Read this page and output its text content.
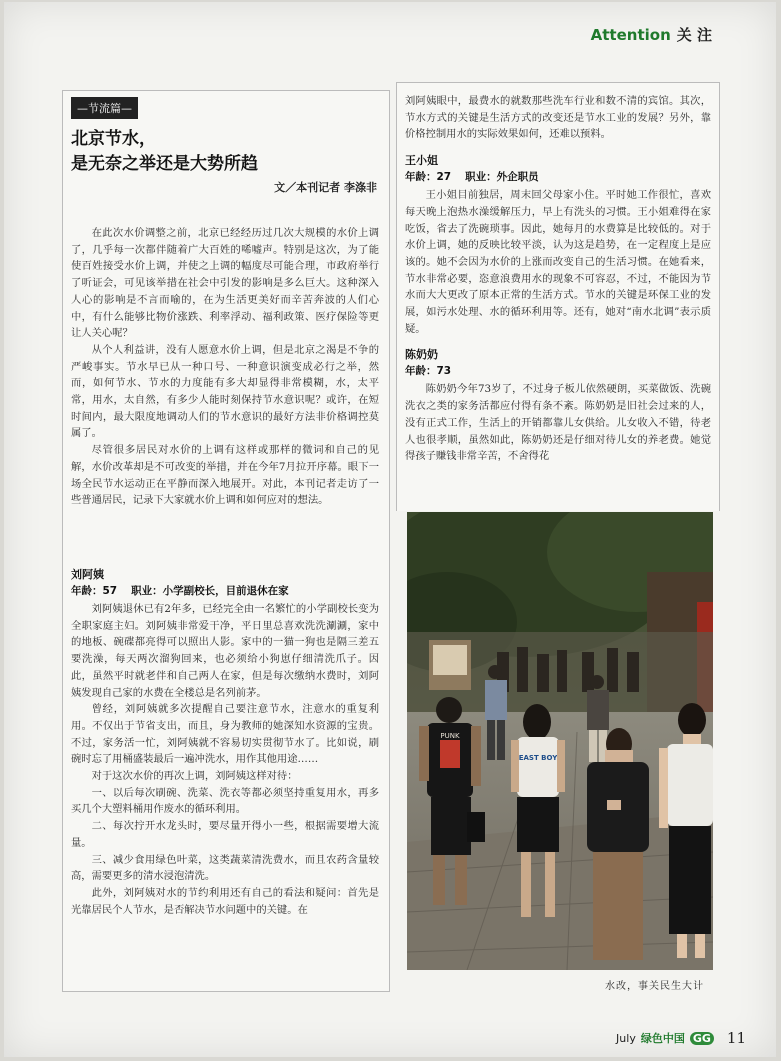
Attention 关 注
—节流篇—
北京节水，
是无奈之举还是大势所趋
文／本刊记者 李涤非

在此次水价调整之前，北京已经经历过几次大规模的水价上调了，几乎每一次都伴随着广大百姓的唏嘘声。特别是这次，为了能使百姓接受水价上调，并使之上调的幅度尽可能合理，市政府举行了听证会，可见该举措在社会中引发的影响是多么巨大。这种深入人心的影响是不言而喻的，在为生活更美好而辛苦奔波的人们心中，有什么能够比物价涨跌、利率浮动、福利政策、医疗保险等更让人关心呢？

从个人利益讲，没有人愿意水价上调，但是北京之渴是不争的严峻事实。节水早已从一种口号、一种意识演变成必行之举，然而，如何节水、节水的力度能有多大却显得非常模糊，水，太平常，用水，太自然，有多少人能时刻保持节水意识呢？或许，在短时间内，最大限度地调动人们的节水意识的最好方法非价格调控莫属了。

尽管很多居民对水价的上调有这样或那样的微词和自己的见解，水价改革却是不可改变的举措，并在今年7月拉开序幕。眼下一场全民节水运动正在平静而深入地展开。对此，本刊记者走访了一些普通居民，记录下大家就水价上调和如何应对的想法。

刘阿姨

年龄：57 职业：小学副校长，目前退休在家

刘阿姨退休已有2年多，已经完全由一名繁忙的小学副校长变为全职家庭主妇。刘阿姨非常爱干净，平日里总喜欢洗洗涮涮，家中的地板、碗碟都亮得可以照出人影。家中的一猫一狗也是隔三差五要洗澡，每天两次溜狗回来，也必须给小狗崽仔细清洗爪子。因此，虽然平时就老伴和自己两人在家，但是每次缴纳水费时，刘阿姨发现自己家的水费在全楼总是名列前茅。

曾经，刘阿姨就多次提醒自己要注意节水，注意水的重复利用。不仅出于节省支出，而且，身为教师的她深知水资源的宝贵。不过，家务活一忙，刘阿姨就不容易切实贯彻节水了。比如说，刷碗时忘了用桶盛装最后一遍冲洗水，用作其他用途……

对于这次水价的再次上调，刘阿姨这样对待：

一、以后每次刷碗、洗菜、洗衣等都必须坚持重复用水，再多买几个大塑料桶用作废水的循环利用。

二、每次拧开水龙头时，要尽量开得小一些，根据需要增大流量。

三、减少食用绿色叶菜，这类蔬菜清洗费水，而且农药含量较高，需要更多的清水浸泡清洗。

此外，刘阿姨对水的节约利用还有自己的看法和疑问：首先是光靠居民个人节水，是否解决节水问题中的关键。在

刘阿姨眼中，最费水的就数那些洗车行业和数不清的宾馆。其次，节水方式的关键是生活方式的改变还是节水工业的发展？另外，靠价格控制用水的实际效果如何，还难以预料。

王小姐

年龄：27 职业：外企职员

王小姐目前独居，周末回父母家小住。平时她工作很忙，喜欢每天晚上泡热水澡缓解压力，早上有洗头的习惯。王小姐难得在家吃饭，省去了洗碗琐事。因此，她每月的水费算是比较低的。对于水价上调，她的反映比较平淡，认为这是趋势，在一定程度上是应该的。她不会因为水价的上涨而改变自己的生活习惯。在她看来，节水非常必要，恣意浪费用水的现象不可容忍，不过，不能因为节水而大大更改了原本正常的生活方式。节水的关键是环保工业的发展，如污水处理、水的循环利用等。还有，她对“南水北调”表示质疑。

陈奶奶

年龄：73

陈奶奶今年73岁了，不过身子板儿依然硬朗，买菜做饭、洗碗洗衣之类的家务活都应付得有条不紊。陈奶奶是旧社会过来的人，没有正式工作，生活上的开销都靠儿女供给。儿女收入不错，待老人也很孝顺，虽然如此，陈奶奶还是仔细对待儿女的养老费。她觉得孩子赚钱非常辛苦，不舍得花

PUNK
EAST BOY
水改，事关民生大计
July 绿色中国 GG 11
